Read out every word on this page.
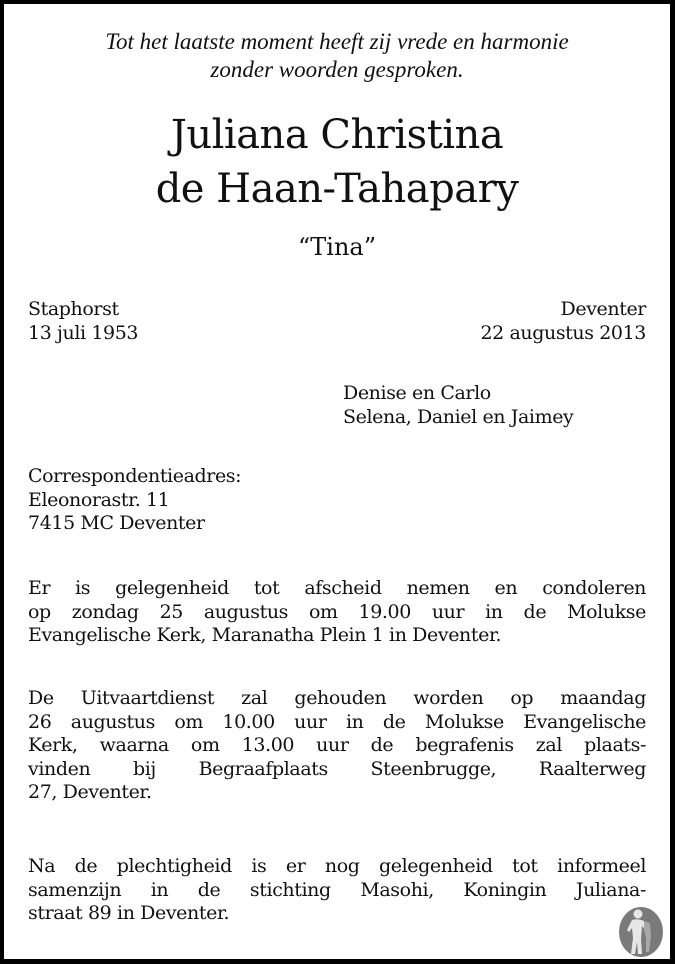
Tot het laatste moment heeft zij vrede en harmonie
zonder woorden gesproken.
Juliana Christina
de Haan-Tahapary
“Tina”
Staphorst
13 juli 1953
Deventer
22 augustus 2013
Denise en Carlo
Selena, Daniel en Jaimey
Correspondentieadres:
Eleonorastr. 11
7415 MC Deventer
Er is gelegenheid tot afscheid nemen en condoleren
op zondag 25 augustus om 19.00 uur in de Molukse
Evangelische Kerk, Maranatha Plein 1 in Deventer.
De Uitvaartdienst zal gehouden worden op maandag
26 augustus om 10.00 uur in de Molukse Evangelische
Kerk, waarna om 13.00 uur de begrafenis zal plaats-
vinden bij Begraafplaats Steenbrugge, Raalterweg
27, Deventer.
Na de plechtigheid is er nog gelegenheid tot informeel
samenzijn in de stichting Masohi, Koningin Juliana-
straat 89 in Deventer.
